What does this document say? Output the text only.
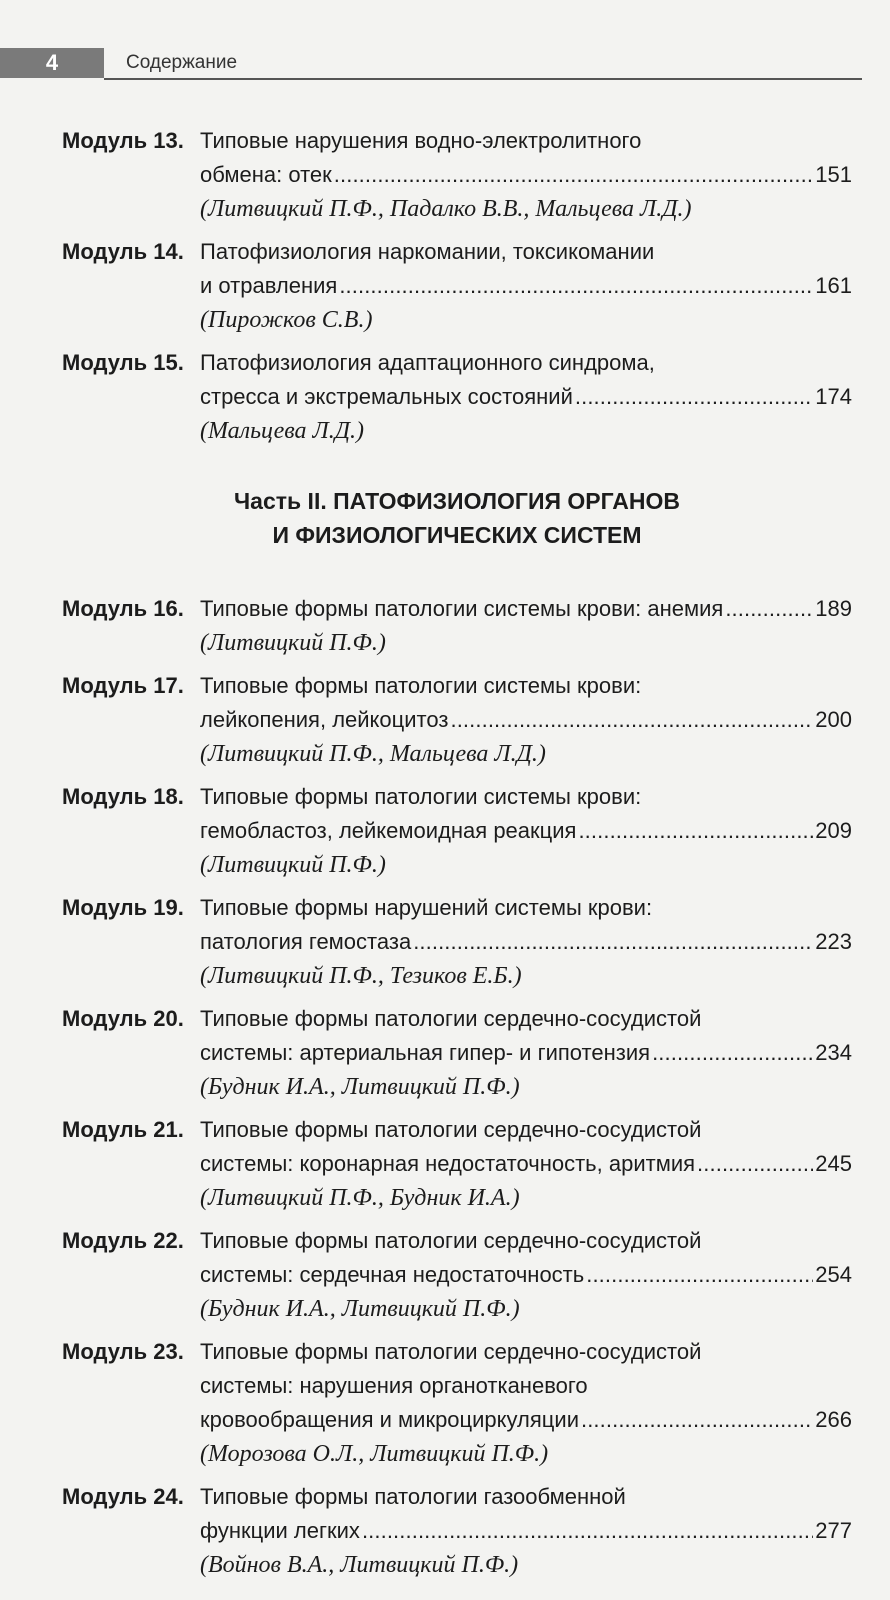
4	Содержание
Модуль 13. Типовые нарушения водно-электролитного
обмена: отек . . .	151
(Литвицкий П.Ф., Падалко В.В., Мальцева Л.Д.)
Модуль 14. Патофизиология наркомании, токсикомании
и отравления . . .	161
(Пирожков С.В.)
Модуль 15. Патофизиология адаптационного синдрома,
стресса и экстремальных состояний . . .	174
(Мальцева Л.Д.)
Часть II. ПАТОФИЗИОЛОГИЯ ОРГАНОВ
И ФИЗИОЛОГИЧЕСКИХ СИСТЕМ
Модуль 16. Типовые формы патологии системы крови: анемия . . .	189
(Литвицкий П.Ф.)
Модуль 17. Типовые формы патологии системы крови:
лейкопения, лейкоцитоз . . .	200
(Литвицкий П.Ф., Мальцева Л.Д.)
Модуль 18. Типовые формы патологии системы крови:
гемобластоз, лейкемоидная реакция . . .	209
(Литвицкий П.Ф.)
Модуль 19. Типовые формы нарушений системы крови:
патология гемостаза . . .	223
(Литвицкий П.Ф., Тезиков Е.Б.)
Модуль 20. Типовые формы патологии сердечно-сосудистой
системы: артериальная гипер- и гипотензия . . .	234
(Будник И.А., Литвицкий П.Ф.)
Модуль 21. Типовые формы патологии сердечно-сосудистой
системы: коронарная недостаточность, аритмия . . .	245
(Литвицкий П.Ф., Будник И.А.)
Модуль 22. Типовые формы патологии сердечно-сосудистой
системы: сердечная недостаточность . . .	254
(Будник И.А., Литвицкий П.Ф.)
Модуль 23. Типовые формы патологии сердечно-сосудистой
системы: нарушения органотканевого
кровообращения и микроциркуляции . . .	266
(Морозова О.Л., Литвицкий П.Ф.)
Модуль 24. Типовые формы патологии газообменной
функции легких . . .	277
(Войнов В.А., Литвицкий П.Ф.)
